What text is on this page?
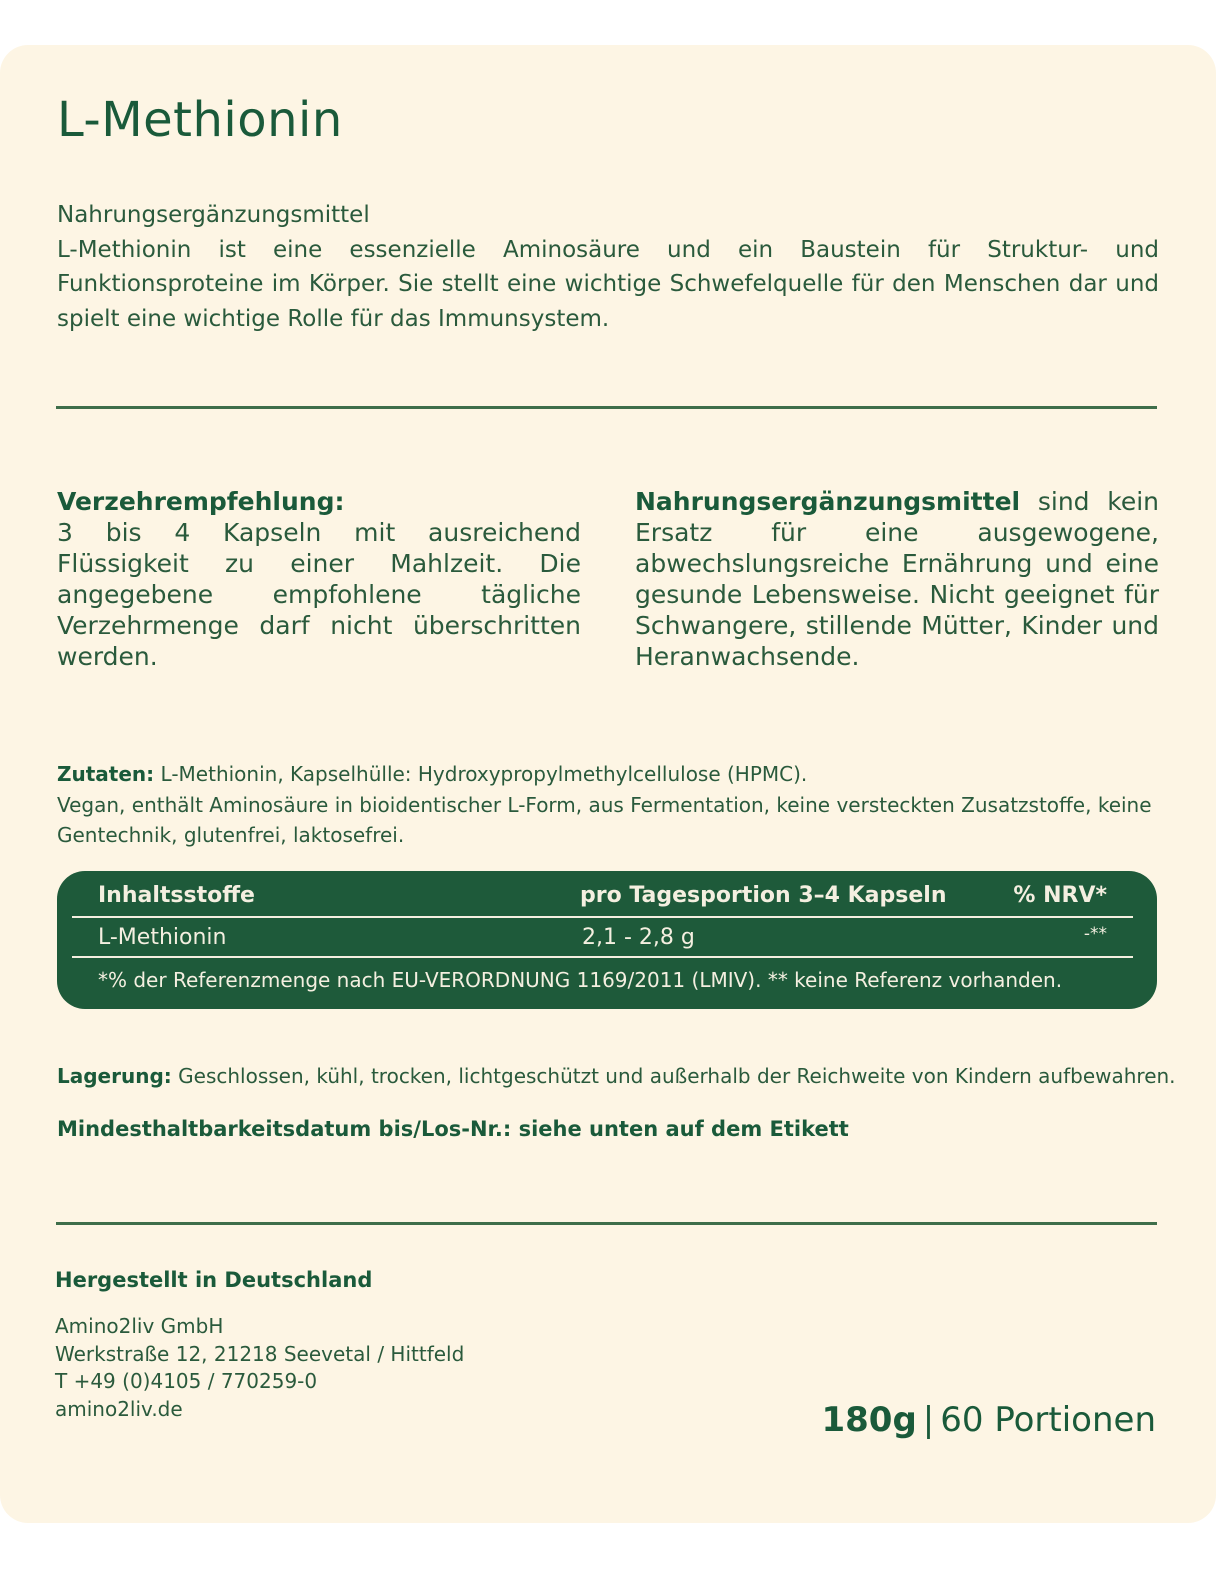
L-Methionin
Nahrungsergänzungsmittel
L-Methionin ist eine essenzielle Aminosäure und ein Baustein für Struktur- und Funktionsproteine im Körper. Sie stellt eine wichtige Schwefelquelle für den Menschen dar und spielt eine wichtige Rolle für das Immunsystem.
Verzehrempfehlung:
3 bis 4 Kapseln mit ausreichend Flüssigkeit zu einer Mahlzeit. Die angegebene empfohlene tägliche Verzehrmenge darf nicht überschritten werden.
Nahrungsergänzungsmittel sind kein Ersatz für eine ausgewogene, abwechslungsreiche Ernährung und eine gesunde Lebensweise. Nicht geeignet für Schwangere, stillende Mütter, Kinder und Heranwachsende.
Zutaten: L-Methionin, Kapselhülle: Hydroxypropylmethylcellulose (HPMC).
Vegan, enthält Aminosäure in bioidentischer L-Form, aus Fermentation, keine versteckten Zusatzstoffe, keine Gentechnik, glutenfrei, laktosefrei.
Inhaltsstoffe	pro Tagesportion 3–4 Kapseln	% NRV*
L-Methionin	2,1 - 2,8 g	-**
*% der Referenzmenge nach EU-VERORDNUNG 1169/2011 (LMIV). ** keine Referenz vorhanden.
Lagerung: Geschlossen, kühl, trocken, lichtgeschützt und außerhalb der Reichweite von Kindern aufbewahren.
Mindesthaltbarkeitsdatum bis/Los-Nr.: siehe unten auf dem Etikett
Hergestellt in Deutschland
Amino2liv GmbH
Werkstraße 12, 21218 Seevetal / Hittfeld
T +49 (0)4105 / 770259-0
amino2liv.de	180g | 60 Portionen
